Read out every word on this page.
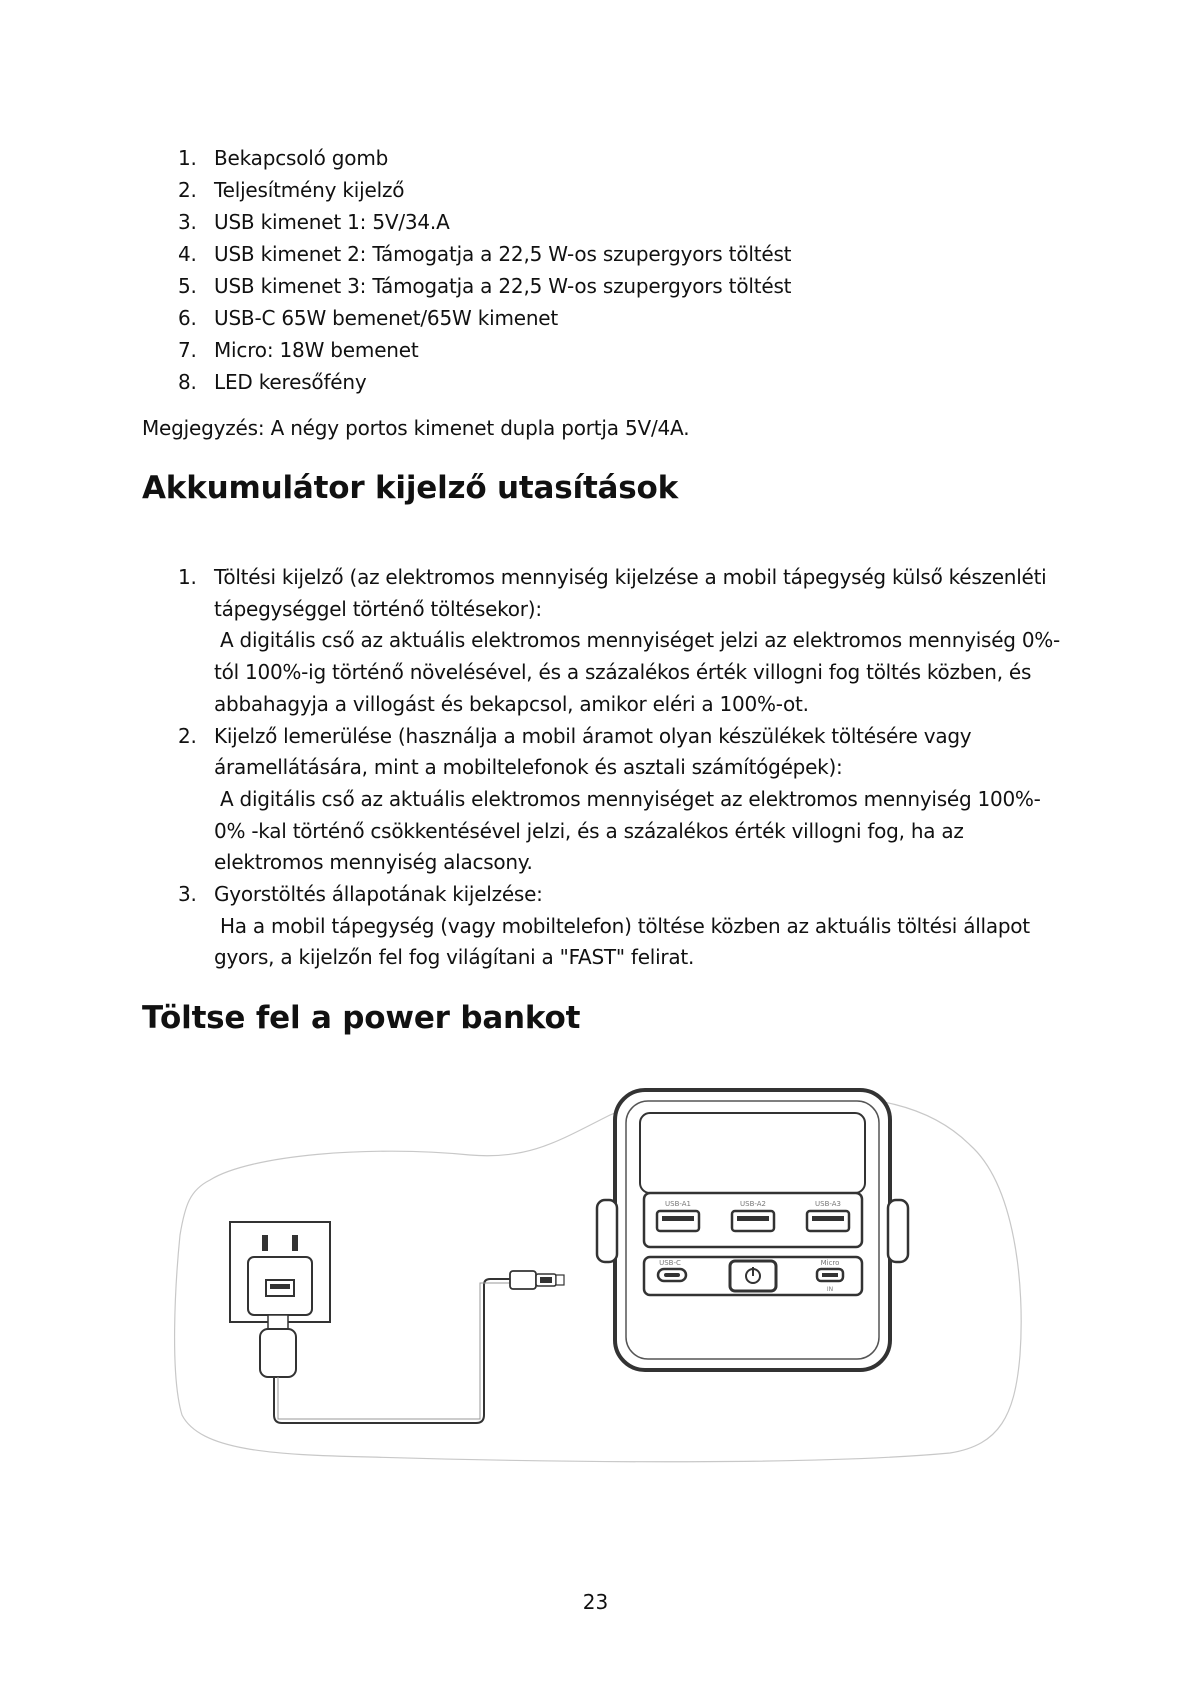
1. Bekapcsoló gomb
2. Teljesítmény kijelző
3. USB kimenet 1: 5V/34.A
4. USB kimenet 2: Támogatja a 22,5 W-os szupergyors töltést
5. USB kimenet 3: Támogatja a 22,5 W-os szupergyors töltést
6. USB-C 65W bemenet/65W kimenet
7. Micro: 18W bemenet
8. LED keresőfény

Megjegyzés: A négy portos kimenet dupla portja 5V/4A.

Akkumulátor kijelző utasítások
1. Töltési kijelző (az elektromos mennyiség kijelzése a mobil tápegység külső készenléti
tápegységgel történő töltésekor):
A digitális cső az aktuális elektromos mennyiséget jelzi az elektromos mennyiség 0%-
tól 100%-ig történő növelésével, és a százalékos érték villogni fog töltés közben, és
abbahagyja a villogást és bekapcsol, amikor eléri a 100%-ot.
2. Kijelző lemerülése (használja a mobil áramot olyan készülékek töltésére vagy
áramellátására, mint a mobiltelefonok és asztali számítógépek):
A digitális cső az aktuális elektromos mennyiséget az elektromos mennyiség 100%-
0% -kal történő csökkentésével jelzi, és a százalékos érték villogni fog, ha az
elektromos mennyiség alacsony.
3. Gyorstöltés állapotának kijelzése:
Ha a mobil tápegység (vagy mobiltelefon) töltése közben az aktuális töltési állapot
gyors, a kijelzőn fel fog világítani a "FAST" felirat.
Töltse fel a power bankot
USB-A1	USB-A2	USB-A3
USB-C	Micro
IN
23
